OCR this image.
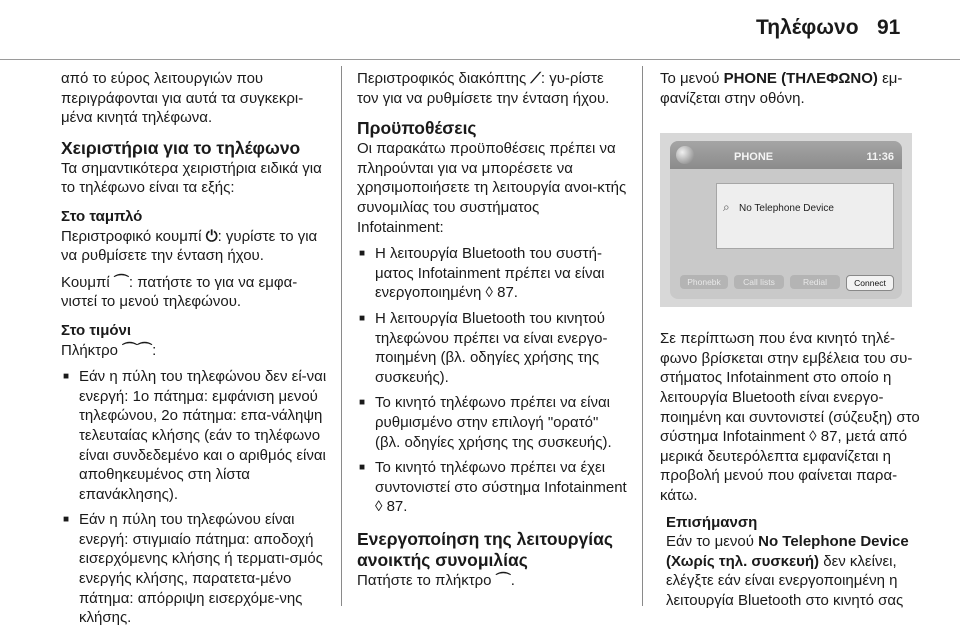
Τηλέφωνο 91

από το εύρος λειτουργιών που περιγράφονται για αυτά τα συγκεκρι-μένα κινητά τηλέφωνα.

Χειριστήρια για το τηλέφωνο

Τα σημαντικότερα χειριστήρια ειδικά για το τηλέφωνο είναι τα εξής:

Στο ταμπλό

Περιστροφικό κουμπί ⏻: γυρίστε το για να ρυθμίσετε την ένταση ήχου.

Κουμπί ⌒: πατήστε το για να εμφα-νιστεί το μενού τηλεφώνου.

Στο τιμόνι

Πλήκτρο ⌒⌒:

■ Εάν η πύλη του τηλεφώνου δεν εί-ναι ενεργή: 1ο πάτημα: εμφάνιση μενού τηλεφώνου, 2ο πάτημα: επα-νάληψη τελευταίας κλήσης (εάν το τηλέφωνο είναι συνδεδεμένο και ο αριθμός είναι αποθηκευμένος στη λίστα επανάκλησης).
■ Εάν η πύλη του τηλεφώνου είναι ενεργή: στιγμιαίο πάτημα: αποδοχή εισερχόμενης κλήσης ή τερματι-σμός ενεργής κλήσης, παρατετα-μένο πάτημα: απόρριψη εισερχόμε-νης κλήσης.

Περιστροφικός διακόπτης ⟋: γυ-ρίστε τον για να ρυθμίσετε την ένταση ήχου.

Προϋποθέσεις

Οι παρακάτω προϋποθέσεις πρέπει να πληρούνται για να μπορέσετε να χρησιμοποιήσετε τη λειτουργία ανοι-κτής συνομιλίας του συστήματος Infotainment:

■ Η λειτουργία Bluetooth του συστή-ματος Infotainment πρέπει να είναι ενεργοποιημένη ◊ 87.
■ Η λειτουργία Bluetooth του κινητού τηλεφώνου πρέπει να είναι ενεργο-ποιημένη (βλ. οδηγίες χρήσης της συσκευής).
■ Το κινητό τηλέφωνο πρέπει να είναι ρυθμισμένο στην επιλογή "ορατό" (βλ. οδηγίες χρήσης της συσκευής).
■ Το κινητό τηλέφωνο πρέπει να έχει συντονιστεί στο σύστημα Infotainment ◊ 87.
Ενεργοποίηση της λειτουργίας ανοικτής συνομιλίας

Πατήστε το πλήκτρο ⌒.

Το μενού PHONE (ΤΗΛΕΦΩΝΟ) εμ-φανίζεται στην οθόνη.

PHONE	11:36
⌕ No Telephone Device
Phonebk	Call lists	Redial	Connect

Σε περίπτωση που ένα κινητό τηλέ-φωνο βρίσκεται στην εμβέλεια του συ-στήματος Infotainment στο οποίο η λειτουργία Bluetooth είναι ενεργο-ποιημένη και συντονιστεί (σύζευξη) στο σύστημα Infotainment ◊ 87, μετά από μερικά δευτερόλεπτα εμφανίζεται η προβολή μενού που φαίνεται παρα-κάτω.

Επισήμανση

Εάν το μενού No Telephone Device (Χωρίς τηλ. συσκευή) δεν κλείνει, ελέγξτε εάν είναι ενεργοποιημένη η λειτουργία Bluetooth στο κινητό σας
